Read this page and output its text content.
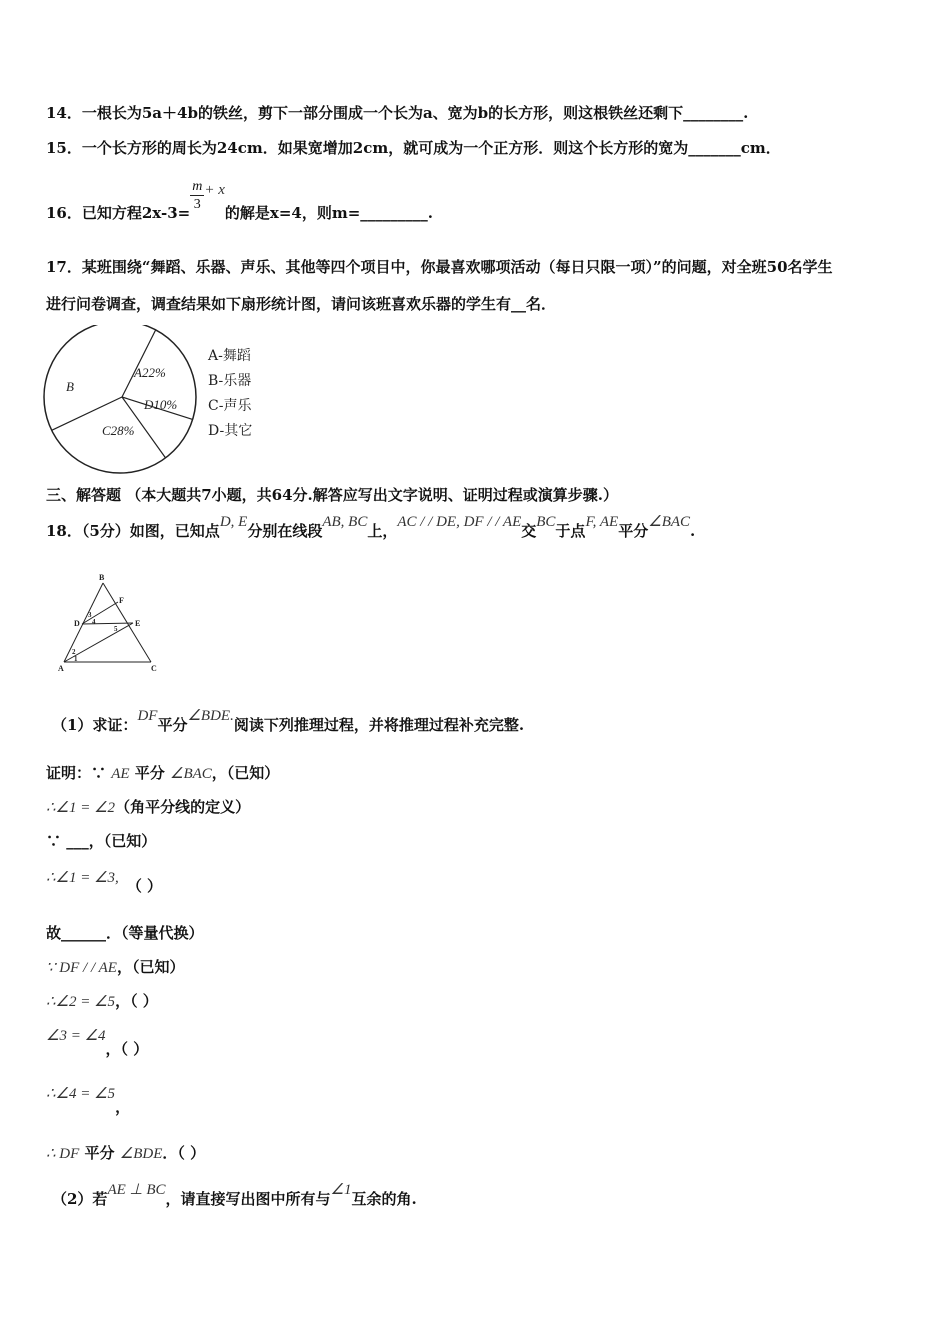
14．一根长为5a＋4b的铁丝，剪下一部分围成一个长为a、宽为b的长方形，则这根铁丝还剩下________.
15．一个长方形的周长为24cm．如果宽增加2cm，就可成为一个正方形．则这个长方形的宽为_______cm．
16．已知方程$2x-3= \frac{m}{3} + x$的解是x=4，则m=_________.
17．某班围绕“舞蹈、乐器、声乐、其他等四个项目中，你最喜欢哪项活动（每日只限一项）”的问题，对全班50名学生
进行问卷调查，调查结果如下扇形统计图，请问该班喜欢乐器的学生有__名．
A22%
D10%
C28%
B
A-舞蹈
B-乐器
C-声乐
D-其它
三、解答题 （本大题共7小题，共64分.解答应写出文字说明、证明过程或演算步骤.）
18．（5分）如图，已知点D, E分别在线段AB, BC上，AC / / DE, DF / / AE交BC于点F, AE平分∠BAC.
B
F
D	E
A	C
3
4
5
2
1
（1）求证：DF平分∠BDE.阅读下列推理过程，并将推理过程补充完整.
证明：∵ AE 平分 ∠BAC，（已知）
∴∠1 = ∠2（角平分线的定义）
∵ ___，（已知）
∴∠1 = ∠3, （ ）
故______．（等量代换）
∵ DF / / AE，（已知）
∴∠2 = ∠5，（ ）
∠3 = ∠4，（ ）
∴∠4 = ∠5，
∴ DF 平分 ∠BDE．（ ）
（2）若AE ⊥ BC，请直接写出图中所有与∠1互余的角.
